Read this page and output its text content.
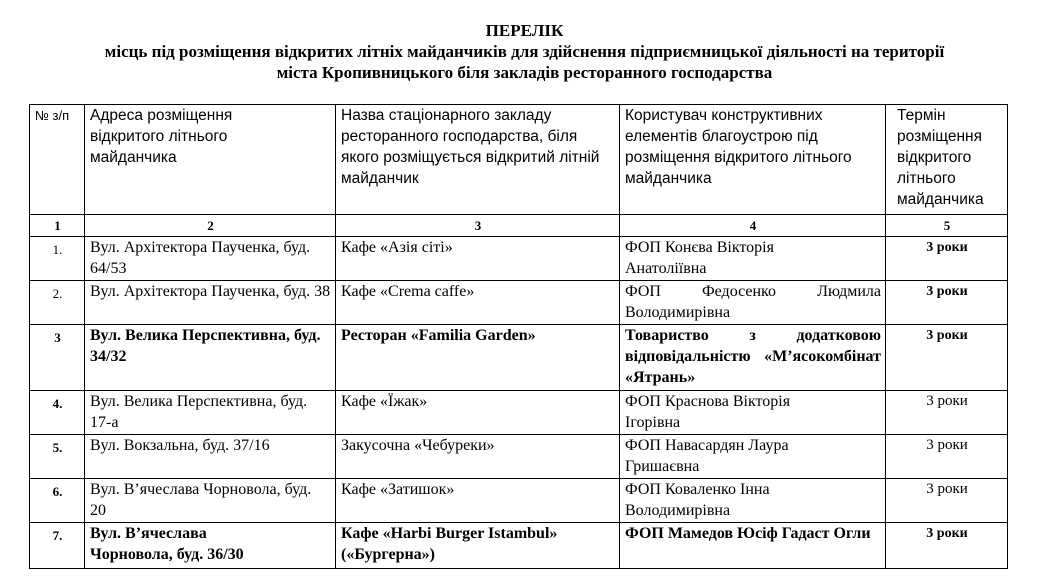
ПЕРЕЛІК

місць під розміщення відкритих літніх майданчиків для здійснення підприємницької діяльності на території

міста Кропивницького біля закладів ресторанного господарства

№ з/п	Адреса розміщення відкритого літнього майданчика	Назва стаціонарного закладу ресторанного господарства, біля якого розміщується відкритий літній майданчик	Користувач конструктивних елементів благоустрою під розміщення відкритого літнього майданчика	Термін розміщення відкритого літнього майданчика
1	2	3	4	5
1.	Вул. Архітектора Паученка, буд. 64/53	Кафе «Азія сіті»	ФОП Конєва Вікторія Анатоліївна	3 роки
2.	Вул. Архітектора Паученка, буд. 38	Кафе «Crema caffe»	ФОП Федосенко Людмила Володимирівна	3 роки
3	Вул. Велика Перспективна, буд. 34/32	Ресторан «Familia Garden»	Товариство з додатковою відповідальністю «М’ясокомбінат «Ятрань»	3 роки
4.	Вул. Велика Перспективна, буд. 17-а	Кафе «Їжак»	ФОП Краснова Вікторія Ігорівна	3 роки
5.	Вул. Вокзальна, буд. 37/16	Закусочна «Чебуреки»	ФОП Навасардян Лаура Гришаєвна	3 роки
6.	Вул. В’ячеслава Чорновола, буд. 20	Кафе «Затишок»	ФОП Коваленко Інна Володимирівна	3 роки
7.	Вул. В’ячеслава Чорновола, буд. 36/30	Кафе «Harbi Burger Istambul» («Бургерна»)	ФОП Мамедов Юсіф Гадаст Огли	3 роки
